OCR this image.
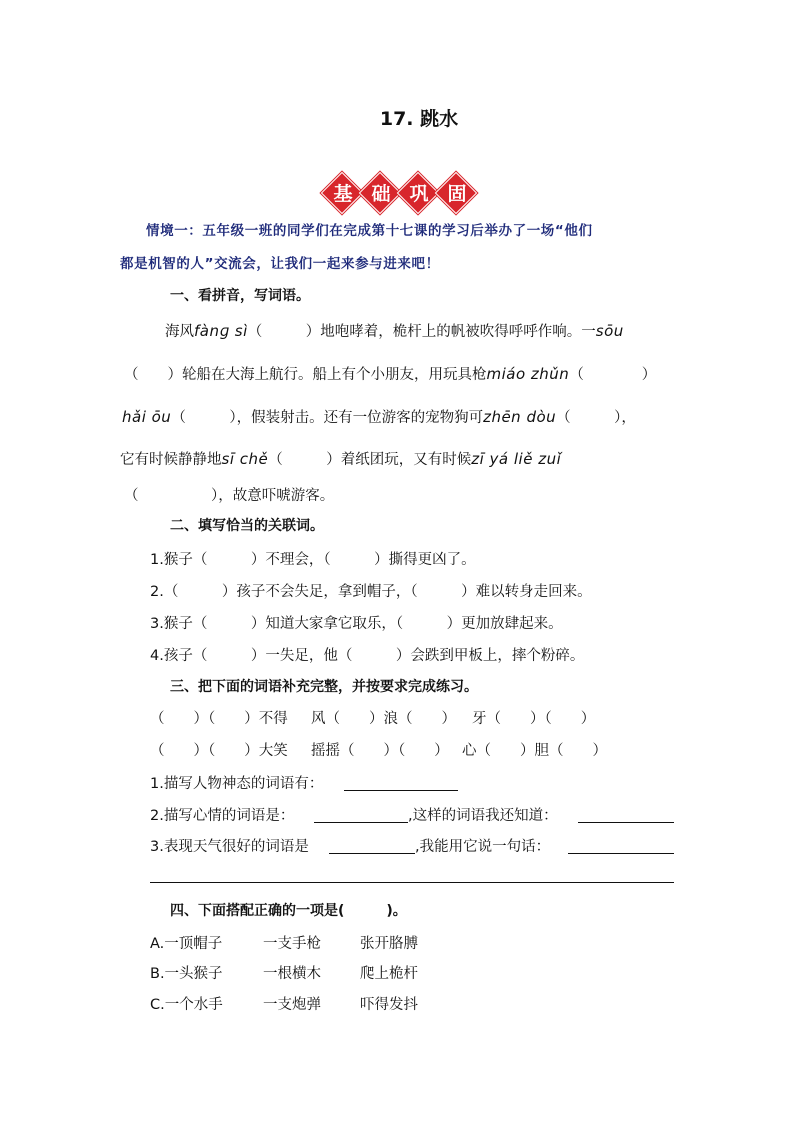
17. 跳水
基 础 巩 固
情境一：五年级一班的同学们在完成第十七课的学习后举办了一场“他们
都是机智的人”交流会，让我们一起来参与进来吧！
一、看拼音，写词语。
海风fànɡ sì（　　　）地咆哮着，桅杆上的帆被吹得呼呼作响。一sōu
（　　）轮船在大海上航行。船上有个小朋友，用玩具枪miáo zhǔn（　　　　）
hǎi ōu（　　　），假装射击。还有一位游客的宠物狗可zhēn dòu（　　　），
它有时候静静地sī chě（　　　）着纸团玩，又有时候zī yá liě zuǐ
（　　　　　），故意吓唬游客。
二、填写恰当的关联词。
1.猴子（　　　）不理会，（　　　）撕得更凶了。
2.（　　　）孩子不会失足，拿到帽子，（　　　）难以转身走回来。
3.猴子（　　　）知道大家拿它取乐，（　　　）更加放肆起来。
4.孩子（　　　）一失足，他（　　　）会跌到甲板上，摔个粉碎。
三、把下面的词语补充完整，并按要求完成练习。
（　　）（　　）不得 风（　　）浪（　　） 牙（　　）（　　）
（　　）（　　）大笑 摇摇（　　）（　　） 心（　　）胆（　　）
1.描写人物神态的词语有：
2.描写心情的词语是：	,这样的词语我还知道：
3.表现天气很好的词语是	,我能用它说一句话：
四、下面搭配正确的一项是(　　　)。
A.一顶帽子	一支手枪	张开胳膊
B.一头猴子	一根横木	爬上桅杆
C.一个水手	一支炮弹	吓得发抖
